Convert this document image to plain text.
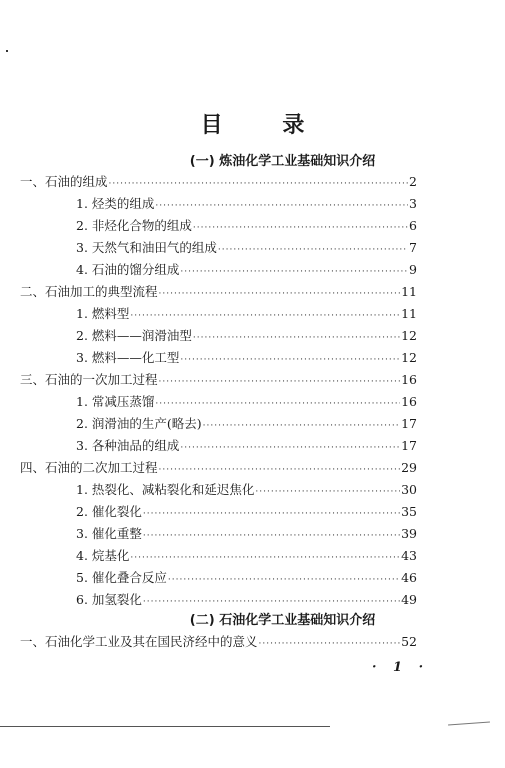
目 录
(一) 炼油化学工业基础知识介绍
一、石油的组成 ·····	2
1. 烃类的组成 ·····	3
2. 非烃化合物的组成 ·····	6
3. 天然气和油田气的组成 ·····	7
4. 石油的馏分组成 ·····	9
二、石油加工的典型流程 ·····	11
1. 燃料型 ·····	11
2. 燃料——润滑油型 ·····	12
3. 燃料——化工型 ·····	12
三、石油的一次加工过程 ·····	16
1. 常减压蒸馏 ·····	16
2. 润滑油的生产(略去) ·····	17
3. 各种油品的组成 ·····	17
四、石油的二次加工过程 ·····	29
1. 热裂化、减粘裂化和延迟焦化 ·····	30
2. 催化裂化 ·····	35
3. 催化重整 ·····	39
4. 烷基化 ·····	43
5. 催化叠合反应 ·····	46
6. 加氢裂化 ·····	49
一、石油化学工业及其在国民济经中的意义 ·····	52
(二) 石油化学工业基础知识介绍
· 1 ·
